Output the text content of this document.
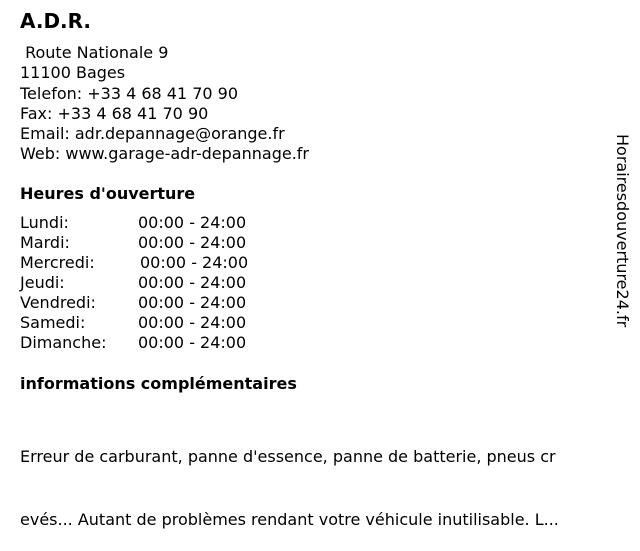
A.D.R.
Route Nationale 9
11100 Bages
Telefon: +33 4 68 41 70 90
Fax: +33 4 68 41 70 90
Email: adr.depannage@orange.fr
Web: www.garage-adr-depannage.fr
Heures d'ouverture
Lundi:	00:00 - 24:00
Mardi:	00:00 - 24:00
Mercredi:	00:00 - 24:00
Jeudi:	00:00 - 24:00
Vendredi:	00:00 - 24:00
Samedi:	00:00 - 24:00
Dimanche:	00:00 - 24:00
informations complémentaires

Erreur de carburant, panne d'essence, panne de batterie, pneus cr

evés... Autant de problèmes rendant votre véhicule inutilisable. L...

Horairesdouverture24.fr
